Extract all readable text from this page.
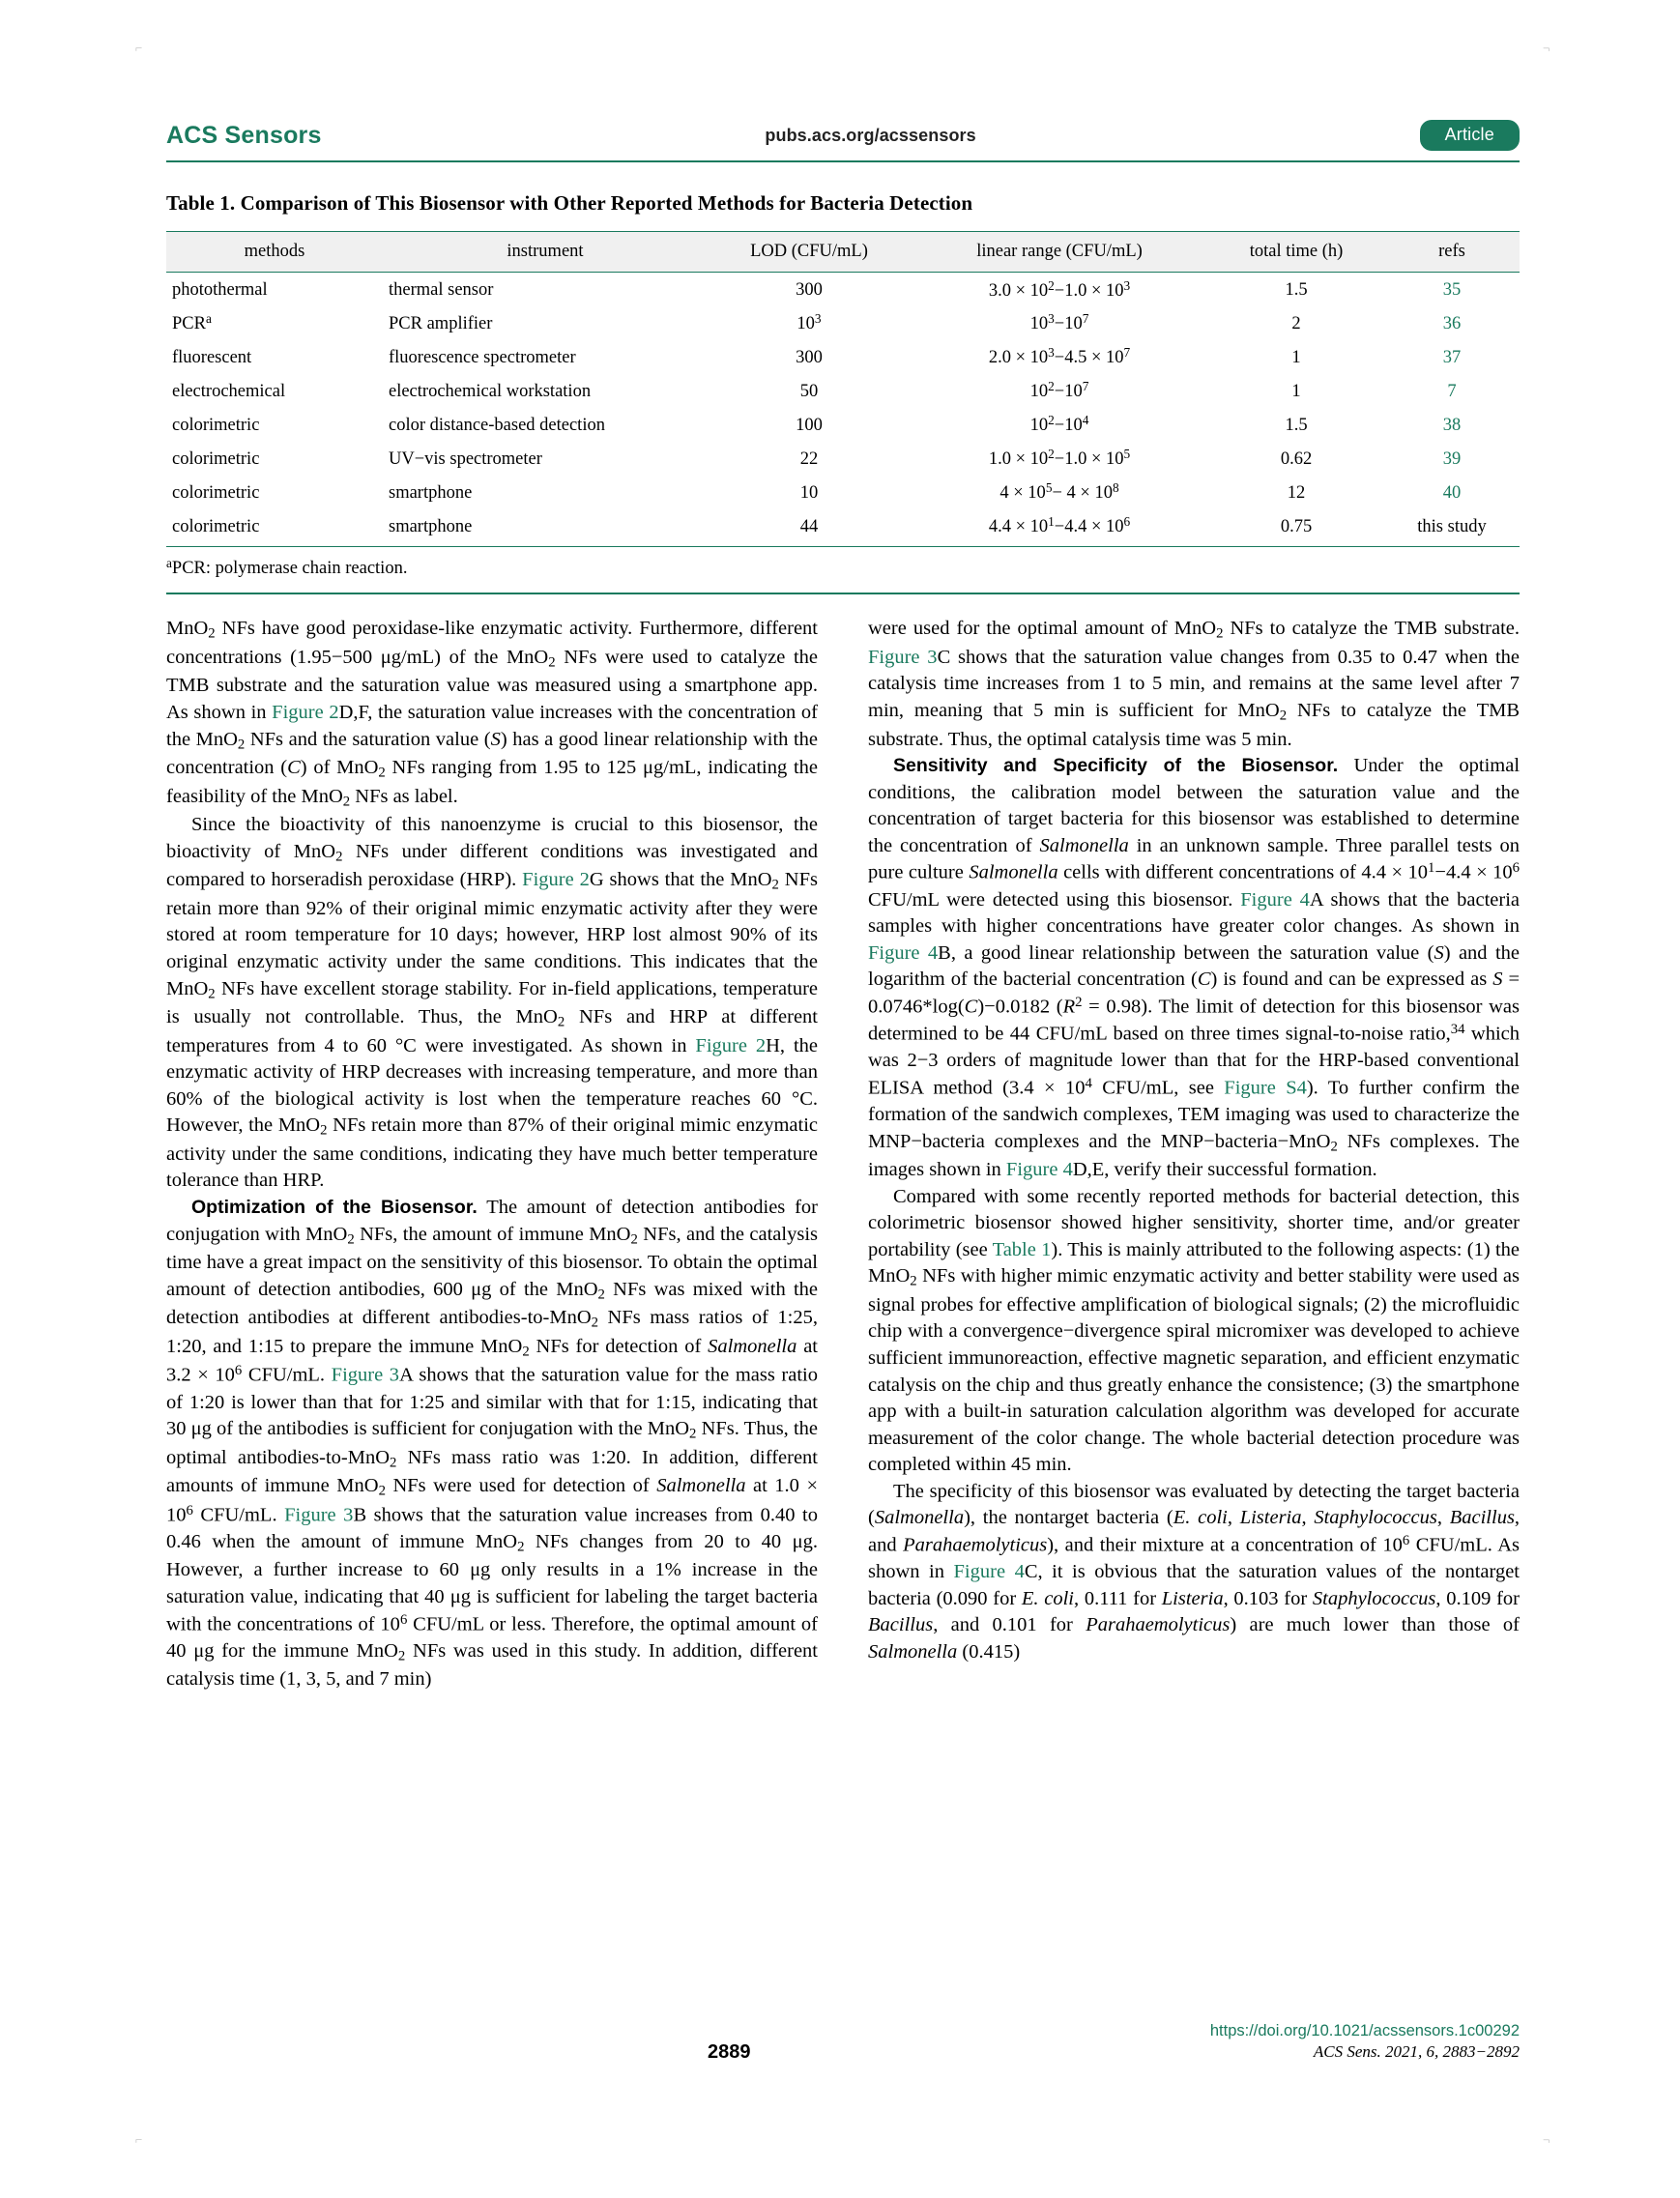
⌐	¬
⌐	¬
ACS Sensors	pubs.acs.org/acssensors	Article
Table 1. Comparison of This Biosensor with Other Reported Methods for Bacteria Detection
methods	instrument	LOD (CFU/mL)	linear range (CFU/mL)	total time (h)	refs
photothermal	thermal sensor	300	$3.0 \times 10^2-1.0 \times 10^3$	1.5	35
PCR$^a$	PCR amplifier	$10^3$	$10^3-10^7$	2	36
fluorescent	fluorescence spectrometer	300	$2.0 \times 10^3-4.5 \times 10^7$	1	37
electrochemical	electrochemical workstation	50	$10^2-10^7$	1	7
colorimetric	color distance-based detection	100	$10^2-10^4$	1.5	38
colorimetric	UV−vis spectrometer	22	$1.0 \times 10^2-1.0 \times 10^5$	0.62	39
colorimetric	smartphone	10	$4 \times 10^5- 4 \times 10^8$	12	40
colorimetric	smartphone	44	$4.4 \times 10^1-4.4 \times 10^6$	0.75	this study
$^a$PCR: polymerase chain reaction.

MnO$_2$ NFs have good peroxidase-like enzymatic activity. Furthermore, different concentrations (1.95−500 μg/mL) of the MnO$_2$ NFs were used to catalyze the TMB substrate and the saturation value was measured using a smartphone app. As shown in Figure 2D,F, the saturation value increases with the concentration of the MnO$_2$ NFs and the saturation value (S) has a good linear relationship with the concentration (C) of MnO$_2$ NFs ranging from 1.95 to 125 μg/mL, indicating the feasibility of the MnO$_2$ NFs as label.

Since the bioactivity of this nanoenzyme is crucial to this biosensor, the bioactivity of MnO$_2$ NFs under different conditions was investigated and compared to horseradish peroxidase (HRP). Figure 2G shows that the MnO$_2$ NFs retain more than 92% of their original mimic enzymatic activity after they were stored at room temperature for 10 days; however, HRP lost almost 90% of its original enzymatic activity under the same conditions. This indicates that the MnO$_2$ NFs have excellent storage stability. For in-field applications, temperature is usually not controllable. Thus, the MnO$_2$ NFs and HRP at different temperatures from 4 to 60 °C were investigated. As shown in Figure 2H, the enzymatic activity of HRP decreases with increasing temperature, and more than 60% of the biological activity is lost when the temperature reaches 60 °C. However, the MnO$_2$ NFs retain more than 87% of their original mimic enzymatic activity under the same conditions, indicating they have much better temperature tolerance than HRP.

Optimization of the Biosensor. The amount of detection antibodies for conjugation with MnO$_2$ NFs, the amount of immune MnO$_2$ NFs, and the catalysis time have a great impact on the sensitivity of this biosensor. To obtain the optimal amount of detection antibodies, 600 μg of the MnO$_2$ NFs was mixed with the detection antibodies at different antibodies-to-MnO$_2$ NFs mass ratios of 1:25, 1:20, and 1:15 to prepare the immune MnO$_2$ NFs for detection of Salmonella at $3.2 \times 10^6$ CFU/mL. Figure 3A shows that the saturation value for the mass ratio of 1:20 is lower than that for 1:25 and similar with that for 1:15, indicating that 30 μg of the antibodies is sufficient for conjugation with the MnO$_2$ NFs. Thus, the optimal antibodies-to-MnO$_2$ NFs mass ratio was 1:20. In addition, different amounts of immune MnO$_2$ NFs were used for detection of Salmonella at $1.0 \times 10^6$ CFU/mL. Figure 3B shows that the saturation value increases from 0.40 to 0.46 when the amount of immune MnO$_2$ NFs changes from 20 to 40 μg. However, a further increase to 60 μg only results in a 1% increase in the saturation value, indicating that 40 μg is sufficient for labeling the target bacteria with the concentrations of $10^6$ CFU/mL or less. Therefore, the optimal amount of 40 μg for the immune MnO$_2$ NFs was used in this study. In addition, different catalysis time (1, 3, 5, and 7 min)

were used for the optimal amount of MnO$_2$ NFs to catalyze the TMB substrate. Figure 3C shows that the saturation value changes from 0.35 to 0.47 when the catalysis time increases from 1 to 5 min, and remains at the same level after 7 min, meaning that 5 min is sufficient for MnO$_2$ NFs to catalyze the TMB substrate. Thus, the optimal catalysis time was 5 min.

Sensitivity and Specificity of the Biosensor. Under the optimal conditions, the calibration model between the saturation value and the concentration of target bacteria for this biosensor was established to determine the concentration of Salmonella in an unknown sample. Three parallel tests on pure culture Salmonella cells with different concentrations of $4.4 \times 10^1-4.4 \times 10^6$ CFU/mL were detected using this biosensor. Figure 4A shows that the bacteria samples with higher concentrations have greater color changes. As shown in Figure 4B, a good linear relationship between the saturation value (S) and the logarithm of the bacterial concentration (C) is found and can be expressed as S = 0.0746*log(C)−0.0182 $(R^2 = 0.98)$. The limit of detection for this biosensor was determined to be 44 CFU/mL based on three times signal-to-noise ratio,$^{34}$ which was 2−3 orders of magnitude lower than that for the HRP-based conventional ELISA method ($3.4 \times 10^4$ CFU/mL, see Figure S4). To further confirm the formation of the sandwich complexes, TEM imaging was used to characterize the MNP−bacteria complexes and the MNP−bacteria−MnO$_2$ NFs complexes. The images shown in Figure 4D,E, verify their successful formation.

Compared with some recently reported methods for bacterial detection, this colorimetric biosensor showed higher sensitivity, shorter time, and/or greater portability (see Table 1). This is mainly attributed to the following aspects: (1) the MnO$_2$ NFs with higher mimic enzymatic activity and better stability were used as signal probes for effective amplification of biological signals; (2) the microfluidic chip with a convergence−divergence spiral micromixer was developed to achieve sufficient immunoreaction, effective magnetic separation, and efficient enzymatic catalysis on the chip and thus greatly enhance the consistence; (3) the smartphone app with a built-in saturation calculation algorithm was developed for accurate measurement of the color change. The whole bacterial detection procedure was completed within 45 min.

The specificity of this biosensor was evaluated by detecting the target bacteria (Salmonella), the nontarget bacteria (E. coli, Listeria, Staphylococcus, Bacillus, and Parahaemolyticus), and their mixture at a concentration of $10^6$ CFU/mL. As shown in Figure 4C, it is obvious that the saturation values of the nontarget bacteria (0.090 for E. coli, 0.111 for Listeria, 0.103 for Staphylococcus, 0.109 for Bacillus, and 0.101 for Parahaemolyticus) are much lower than those of Salmonella (0.415)

2889
https://doi.org/10.1021/acssensors.1c00292
ACS Sens. 2021, 6, 2883−2892
